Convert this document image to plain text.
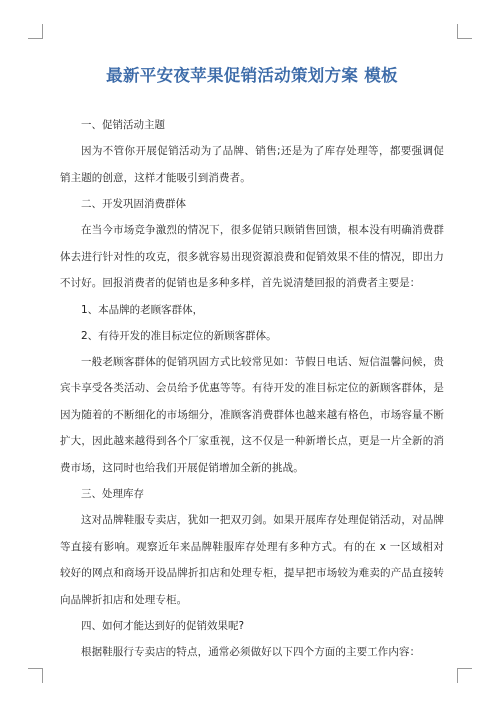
最新平安夜苹果促销活动策划方案 模板

一、促销活动主题

因为不管你开展促销活动为了品牌、销售;还是为了库存处理等，都要强调促销主题的创意，这样才能吸引到消费者。

二、开发巩固消费群体

在当今市场竞争激烈的情况下，很多促销只顾销售回馈，根本没有明确消费群体去进行针对性的攻克，很多就容易出现资源浪费和促销效果不佳的情况，即出力不讨好。回报消费者的促销也是多种多样，首先说清楚回报的消费者主要是：

1、本品牌的老顾客群体，

2、有待开发的准目标定位的新顾客群体。

一般老顾客群体的促销巩固方式比较常见如：节假日电话、短信温馨问候，贵宾卡享受各类活动、会员给予优惠等等。有待开发的准目标定位的新顾客群体，是因为随着的不断细化的市场细分，准顾客消费群体也越来越有格色，市场容量不断扩大，因此越来越得到各个厂家重视，这不仅是一种新增长点，更是一片全新的消费市场，这同时也给我们开展促销增加全新的挑战。

三、处理库存

这对品牌鞋服专卖店，犹如一把双刃剑。如果开展库存处理促销活动，对品牌等直接有影响。观察近年来品牌鞋服库存处理有多种方式。有的在 x 一区域相对较好的网点和商场开设品牌折扣店和处理专柜，提早把市场较为难卖的产品直接转向品牌折扣店和处理专柜。

四、如何才能达到好的促销效果呢?

根据鞋服行专卖店的特点，通常必须做好以下四个方面的主要工作内容：
